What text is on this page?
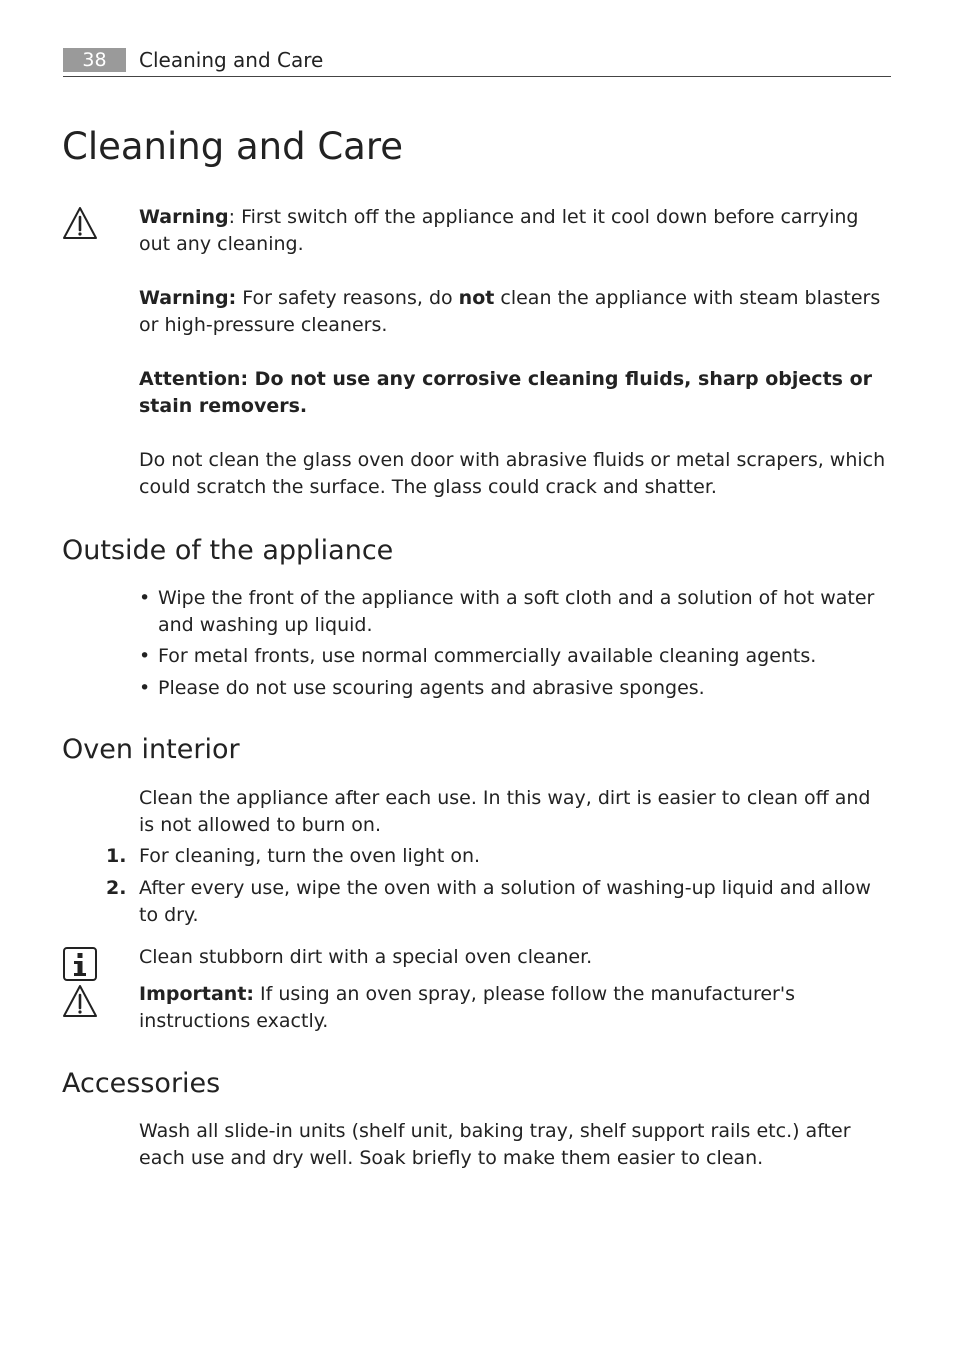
38	Cleaning and Care
Cleaning and Care

Warning: First switch off the appliance and let it cool down before carrying out any cleaning.

Warning: For safety reasons, do not clean the appliance with steam blasters or high-pressure cleaners.

Attention: Do not use any corrosive cleaning fluids, sharp objects or stain removers.

Do not clean the glass oven door with abrasive fluids or metal scrapers, which could scratch the surface. The glass could crack and shatter.

Outside of the appliance
• Wipe the front of the appliance with a soft cloth and a solution of hot water and washing up liquid.
• For metal fronts, use normal commercially available cleaning agents.
• Please do not use scouring agents and abrasive sponges.
Oven interior

Clean the appliance after each use. In this way, dirt is easier to clean off and is not allowed to burn on.

1. For cleaning, turn the oven light on.
2. After every use, wipe the oven with a solution of washing-up liquid and allow to dry.

Clean stubborn dirt with a special oven cleaner.

Important: If using an oven spray, please follow the manufacturer's instructions exactly.

Accessories

Wash all slide-in units (shelf unit, baking tray, shelf support rails etc.) after each use and dry well. Soak briefly to make them easier to clean.
